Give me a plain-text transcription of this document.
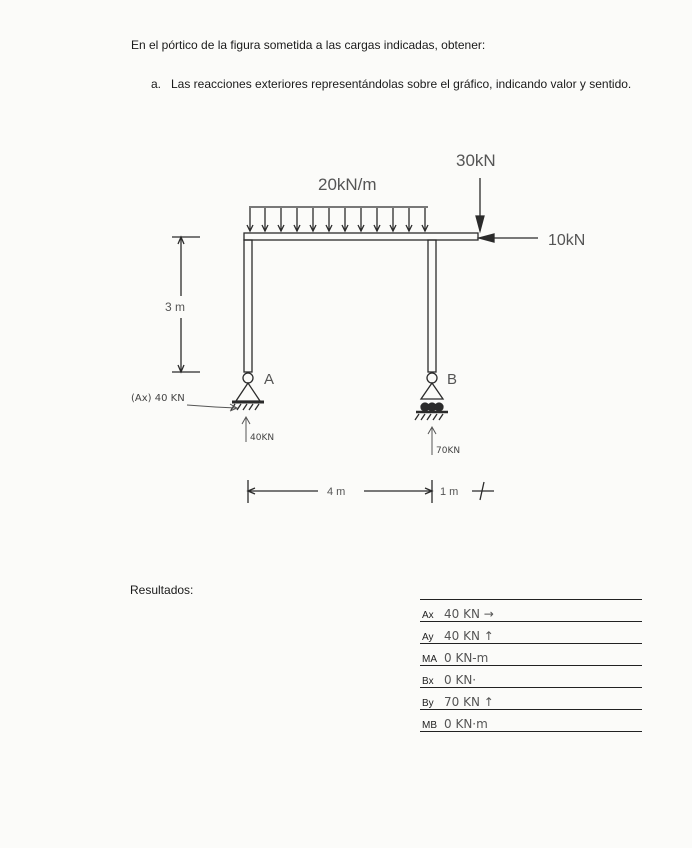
En el pórtico de la figura sometida a las cargas indicadas, obtener:
a. Las reacciones exteriores representándolas sobre el gráfico, indicando valor y sentido.
20kN/m
30kN
10kN
3 m
A	B
4 m	1 m
(Ax) 40 KN
40KN
70KN
Resultados:
Ax 40 KN →
Ay 40 KN ↑
MA 0 KN-m
Bx 0 KN·
By 70 KN ↑
MB 0 KN·m
